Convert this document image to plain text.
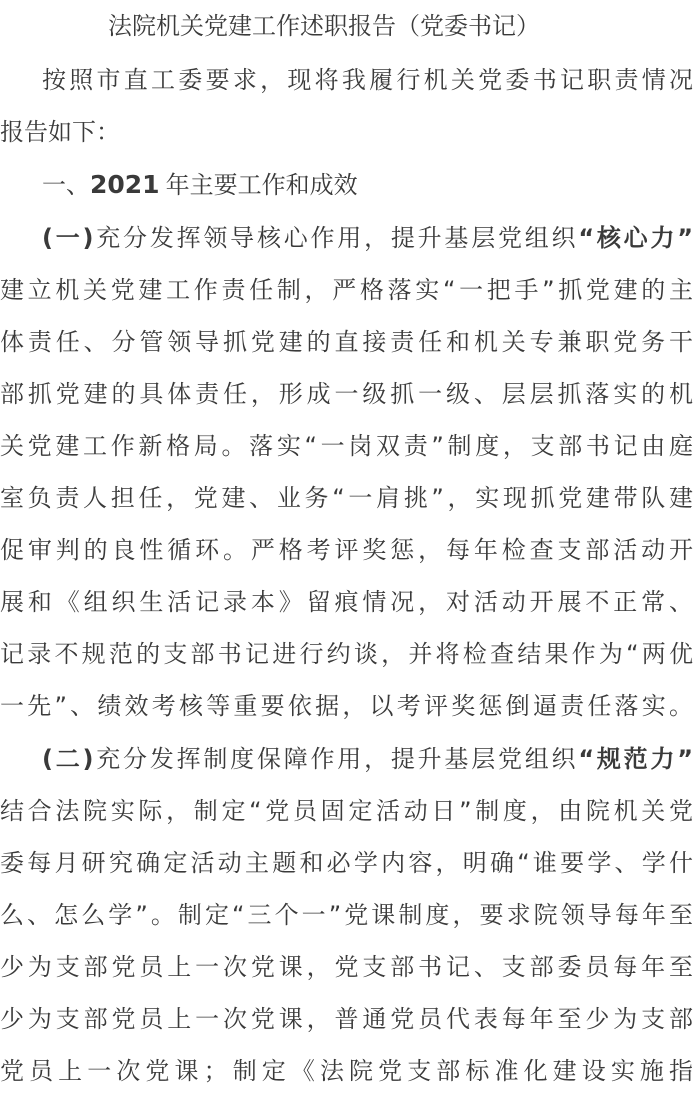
法院机关党建工作述职报告（党委书记）
按照市直工委要求，现将我履行机关党委书记职责情况
报告如下：
一、2021 年主要工作和成效
(一)充分发挥领导核心作用，提升基层党组织“核心力”
建立机关党建工作责任制，严格落实“一把手”抓党建的主
体责任、分管领导抓党建的直接责任和机关专兼职党务干
部抓党建的具体责任，形成一级抓一级、层层抓落实的机
关党建工作新格局。落实“一岗双责”制度，支部书记由庭
室负责人担任，党建、业务“一肩挑”，实现抓党建带队建
促审判的良性循环。严格考评奖惩，每年检查支部活动开
展和《组织生活记录本》留痕情况，对活动开展不正常、
记录不规范的支部书记进行约谈，并将检查结果作为“两优
一先”、绩效考核等重要依据，以考评奖惩倒逼责任落实。
(二)充分发挥制度保障作用，提升基层党组织“规范力”
结合法院实际，制定“党员固定活动日”制度，由院机关党
委每月研究确定活动主题和必学内容，明确“谁要学、学什
么、怎么学”。制定“三个一”党课制度，要求院领导每年至
少为支部党员上一次党课，党支部书记、支部委员每年至
少为支部党员上一次党课，普通党员代表每年至少为支部
党员上一次党课；制定《法院党支部标准化建设实施指
